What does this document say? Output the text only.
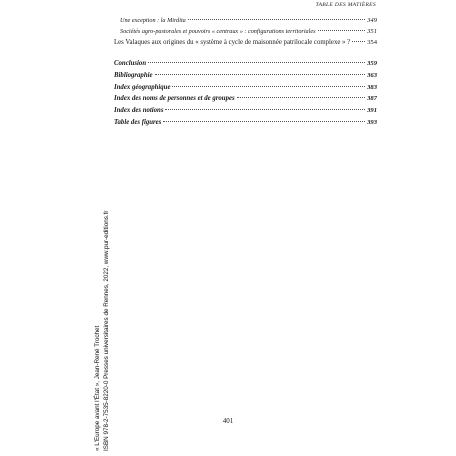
TABLE DES MATIÈRES
Une exception : la Mirdita	349
Sociétés agro-pastorales et pouvoirs « centraux » : configurations territoriales	351
Les Valaques aux origines du « système à cycle de maisonnée patrilocale complexe » ?	354
Conclusion	359
Bibliographie	363
Index géographique	383
Index des noms de personnes et de groupes	387
Index des notions	391
Table des figures	393
401
« L'Europe avant l'État », Jean-René Trochet ISBN 978-2-7535-8220-0 Presses universitaires de Rennes, 2022, www.pur-editions.fr
